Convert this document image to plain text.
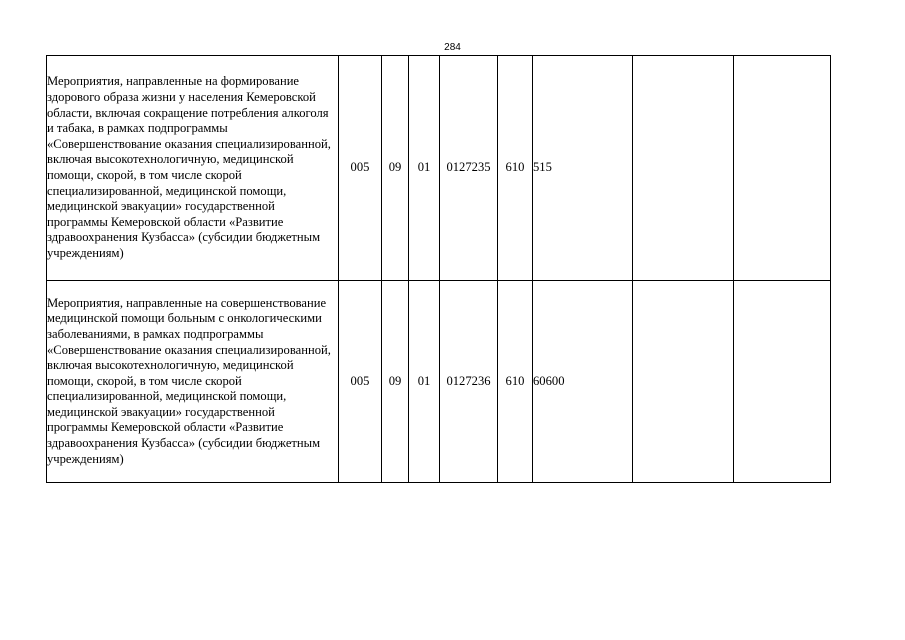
284
Мероприятия, направленные на формирование здорового образа жизни у населения Кемеровской области, включая сокращение потребления алкоголя и табака, в рамках подпрограммы «Совершенствование оказания специализированной, включая высокотехнологичную, медицинской помощи, скорой, в том числе скорой специализированной, медицинской помощи, медицинской эвакуации» государственной программы Кемеровской области «Развитие здравоохранения Кузбасса» (субсидии бюджетным учреждениям)	005	09	01	0127235	610	515		
Мероприятия, направленные на совершенствование медицинской помощи больным с онкологическими заболеваниями, в рамках подпрограммы «Совершенствование оказания специализированной, включая высокотехнологичную, медицинской помощи, скорой, в том числе скорой специализированной, медицинской помощи, медицинской эвакуации» государственной программы Кемеровской области «Развитие здравоохранения Кузбасса» (субсидии бюджетным учреждениям)	005	09	01	0127236	610	60600		
